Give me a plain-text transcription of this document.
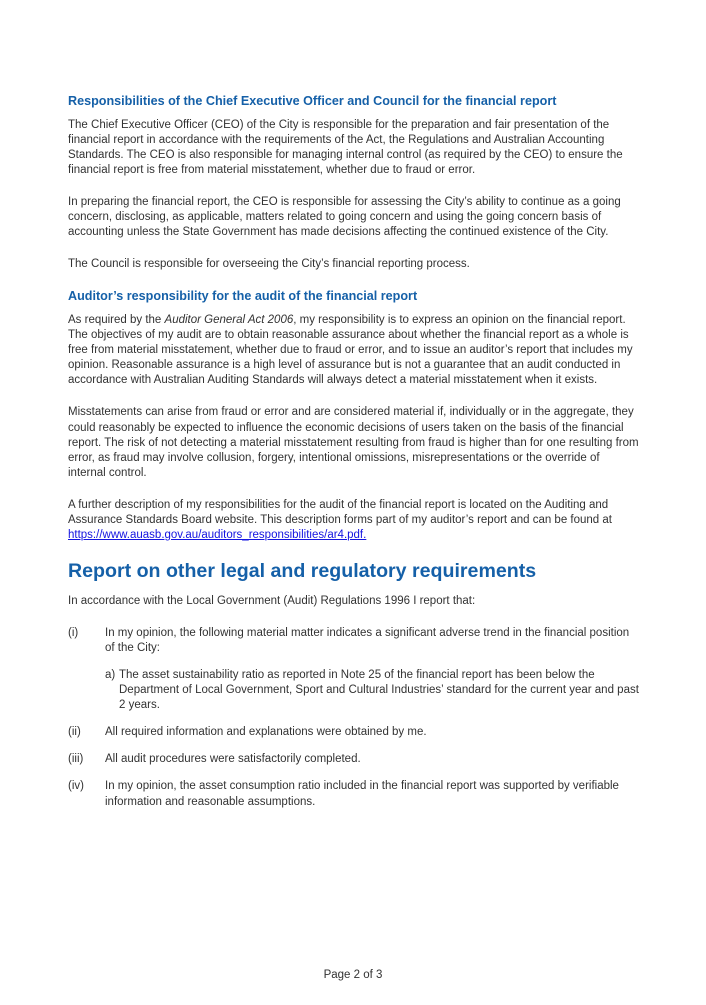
Responsibilities of the Chief Executive Officer and Council for the financial report

The Chief Executive Officer (CEO) of the City is responsible for the preparation and fair presentation of the financial report in accordance with the requirements of the Act, the Regulations and Australian Accounting Standards. The CEO is also responsible for managing internal control (as required by the CEO) to ensure the financial report is free from material misstatement, whether due to fraud or error.

In preparing the financial report, the CEO is responsible for assessing the City’s ability to continue as a going concern, disclosing, as applicable, matters related to going concern and using the going concern basis of accounting unless the State Government has made decisions affecting the continued existence of the City.

The Council is responsible for overseeing the City’s financial reporting process.

Auditor’s responsibility for the audit of the financial report

As required by the Auditor General Act 2006, my responsibility is to express an opinion on the financial report. The objectives of my audit are to obtain reasonable assurance about whether the financial report as a whole is free from material misstatement, whether due to fraud or error, and to issue an auditor’s report that includes my opinion. Reasonable assurance is a high level of assurance but is not a guarantee that an audit conducted in accordance with Australian Auditing Standards will always detect a material misstatement when it exists.

Misstatements can arise from fraud or error and are considered material if, individually or in the aggregate, they could reasonably be expected to influence the economic decisions of users taken on the basis of the financial report. The risk of not detecting a material misstatement resulting from fraud is higher than for one resulting from error, as fraud may involve collusion, forgery, intentional omissions, misrepresentations or the override of internal control.

A further description of my responsibilities for the audit of the financial report is located on the Auditing and Assurance Standards Board website. This description forms part of my auditor’s report and can be found at https://www.auasb.gov.au/auditors_responsibilities/ar4.pdf.

Report on other legal and regulatory requirements

In accordance with the Local Government (Audit) Regulations 1996 I report that:

(i)	In my opinion, the following material matter indicates a significant adverse trend in the financial position of the City:
a) The asset sustainability ratio as reported in Note 25 of the financial report has been below the Department of Local Government, Sport and Cultural Industries’ standard for the current year and past 2 years.
(ii)	All required information and explanations were obtained by me.
(iii)	All audit procedures were satisfactorily completed.
(iv)	In my opinion, the asset consumption ratio included in the financial report was supported by verifiable information and reasonable assumptions.
Page 2 of 3
